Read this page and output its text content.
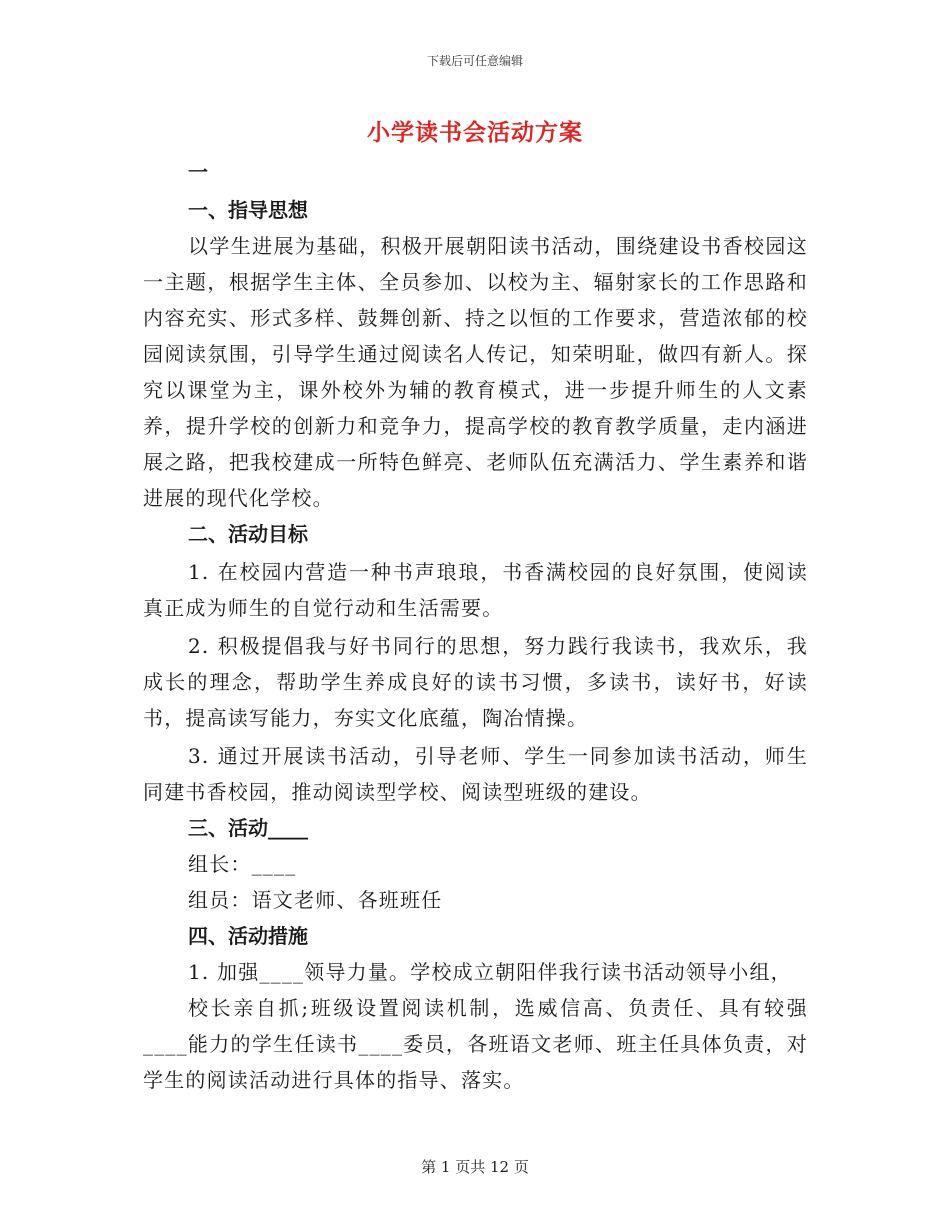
下载后可任意编辑
小学读书会活动方案
一
一、指导思想

以学生进展为基础，积极开展朝阳读书活动，围绕建设书香校园这一主题，根据学生主体、全员参加、以校为主、辐射家长的工作思路和内容充实、形式多样、鼓舞创新、持之以恒的工作要求，营造浓郁的校园阅读氛围，引导学生通过阅读名人传记，知荣明耻，做四有新人。探究以课堂为主，课外校外为辅的教育模式，进一步提升师生的人文素养，提升学校的创新力和竞争力，提高学校的教育教学质量，走内涵进展之路，把我校建成一所特色鲜亮、老师队伍充满活力、学生素养和谐进展的现代化学校。

二、活动目标

1. 在校园内营造一种书声琅琅，书香满校园的良好氛围，使阅读真正成为师生的自觉行动和生活需要。

2. 积极提倡我与好书同行的思想，努力践行我读书，我欢乐，我成长的理念，帮助学生养成良好的读书习惯，多读书，读好书，好读书，提高读写能力，夯实文化底蕴，陶冶情操。

3. 通过开展读书活动，引导老师、学生一同参加读书活动，师生同建书香校园，推动阅读型学校、阅读型班级的建设。

三、活动____
组长：____
组员：语文老师、各班班任
四、活动措施
1. 加强____领导力量。学校成立朝阳伴我行读书活动领导小组，

校长亲自抓;班级设置阅读机制，选威信高、负责任、具有较强____能力的学生任读书____委员，各班语文老师、班主任具体负责，对学生的阅读活动进行具体的指导、落实。

第 1 页共 12 页
